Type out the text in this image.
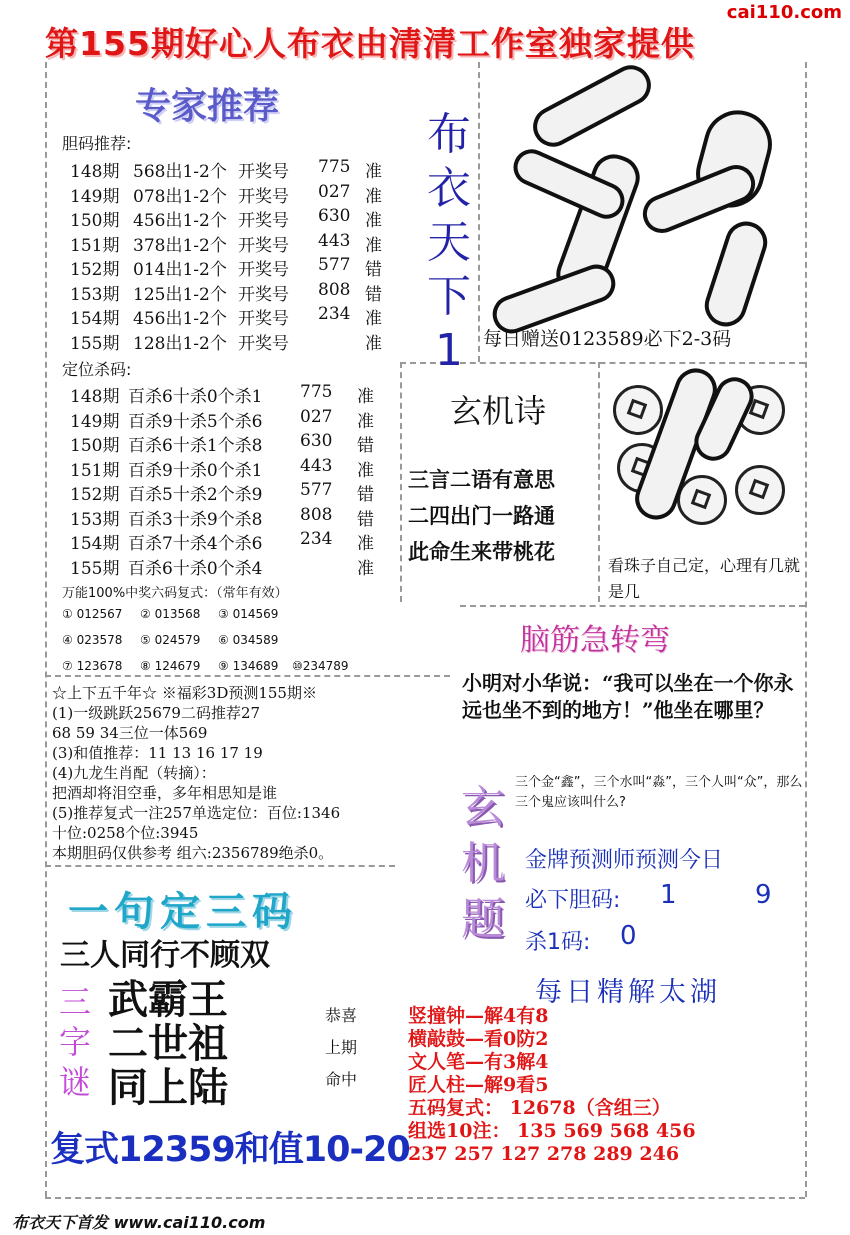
第155期好心人布衣由清清工作室独家提供
cai110.com
专家推荐
胆码推荐:
148期 568出1-2个 开奖号 775 准
149期 078出1-2个 开奖号 027 准
150期 456出1-2个 开奖号 630 准
151期 378出1-2个 开奖号 443 准
152期 014出1-2个 开奖号 577 错
153期 125出1-2个 开奖号 808 错
154期 456出1-2个 开奖号 234 准
155期 128出1-2个 开奖号	准
定位杀码:
148期 百杀6十杀0个杀1 775 准
149期 百杀9十杀5个杀6 027 准
150期 百杀6十杀1个杀8 630 错
151期 百杀9十杀0个杀1 443 准
152期 百杀5十杀2个杀9 577 错
153期 百杀3十杀9个杀8 808 错
154期 百杀7十杀4个杀6 234 准
155期 百杀6十杀0个杀4	准
万能100%中奖六码复式：（常年有效）
① 012567 ② 013568 ③ 014569
④ 023578 ⑤ 024579 ⑥ 034589
⑦ 123678 ⑧ 124679 ⑨ 134689 ⑩234789
布衣天下1	每日赠送0123589必下2-3码
玄机诗
三言二语有意思
二四出门一路通
此命生来带桃花
看珠子自己定，心理有几就是几
脑筋急转弯
小明对小华说：“我可以坐在一个你永远也坐不到的地方！”他坐在哪里？
☆上下五千年☆ ※福彩3D预测155期※
(1)一级跳跃25679二码推荐27
68 59 34三位一体569
(3)和值推荐：11 13 16 17 19
(4)九龙生肖配（转摘）：
把酒却将泪空垂，多年相思知是谁
(5)推荐复式一注257单选定位：百位:1346
十位:0258个位:3945
本期胆码仅供参考 组六:2356789绝杀0。
玄机题
三个金“鑫”，三个水叫“淼”，三个人叫“众”，那么三个鬼应该叫什么?
金牌预测师预测今日
必下胆码: 1	9
杀1码: 0
一句定三码
三人同行不顾双
三字谜
武霸王
二世祖
同上陆
恭喜
上期
命中
复式12359和值10-20
每日精解太湖
竖撞钟—解4有8
横敲鼓—看0防2
文人笔—有3解4
匠人柱—解9看5
五码复式： 12678（含组三）
组选10注： 135 569 568 456
237 257 127 278 289 246
布衣天下首发 www.cai110.com
